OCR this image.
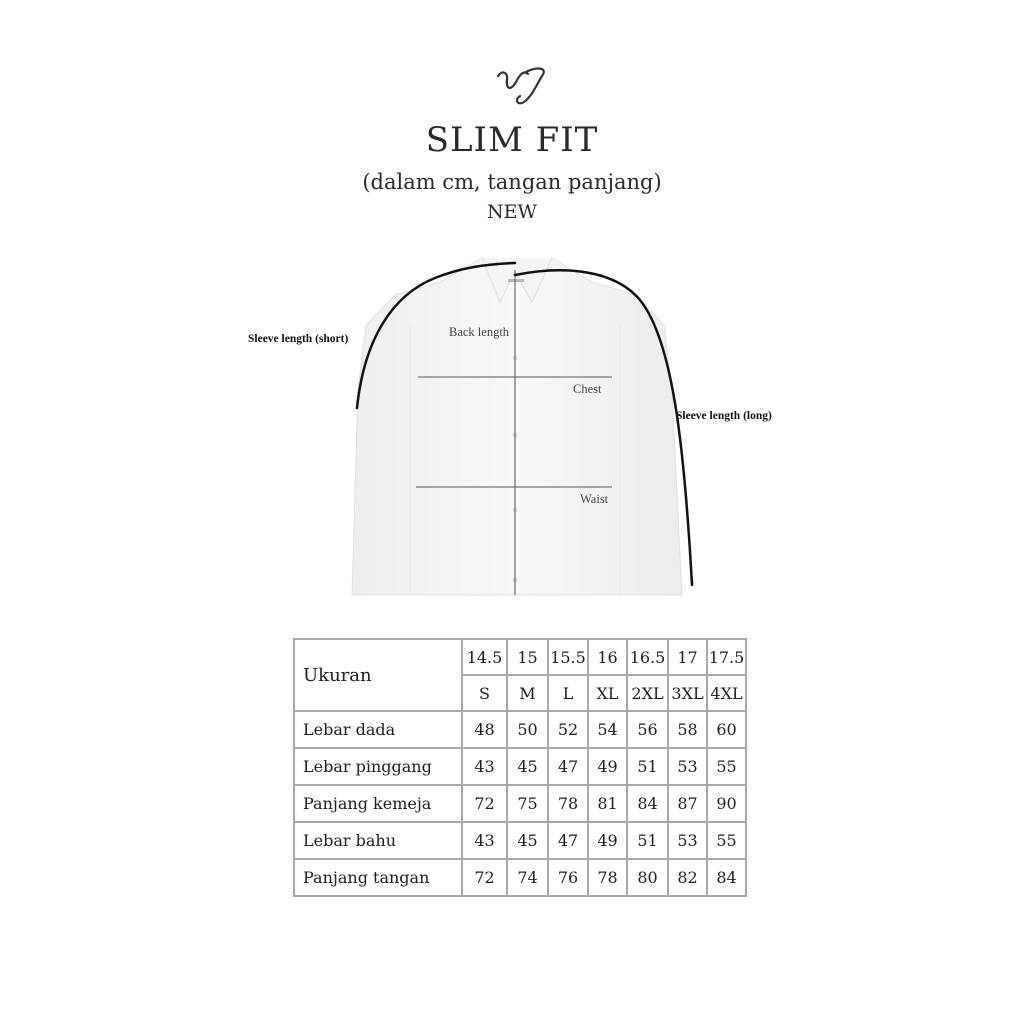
SLIM FIT
(dalam cm, tangan panjang)
NEW
Sleeve length (short)
Sleeve length (long)
Back length
Chest
Waist
Ukuran	14.5	15	15.5	16	16.5	17	17.5
	S	M	L	XL	2XL	3XL	4XL
Lebar dada	48	50	52	54	56	58	60
Lebar pinggang	43	45	47	49	51	53	55
Panjang kemeja	72	75	78	81	84	87	90
Lebar bahu	43	45	47	49	51	53	55
Panjang tangan	72	74	76	78	80	82	84
